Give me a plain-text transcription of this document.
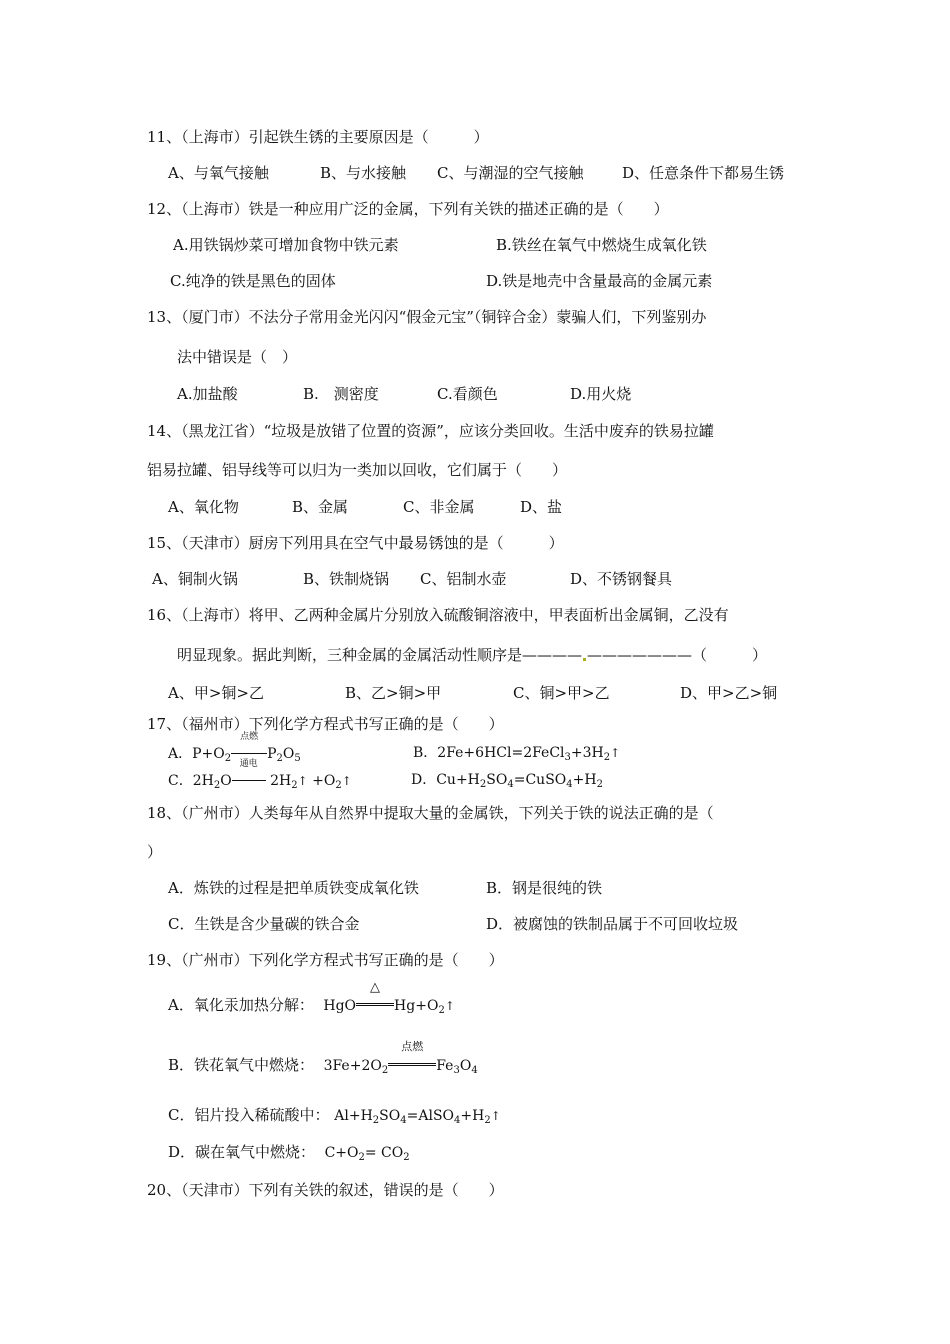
11、（上海市）引起铁生锈的主要原因是（　　　）
A、与氧气接触	B、与水接触 C、与潮湿的空气接触	D、任意条件下都易生锈
12、（上海市）铁是一种应用广泛的金属，下列有关铁的描述正确的是（　　）
A.用铁锅炒菜可增加食物中铁元素	B.铁丝在氧气中燃烧生成氧化铁
C.纯净的铁是黑色的固体	D.铁是地壳中含量最高的金属元素
13、（厦门市）不法分子常用金光闪闪“假金元宝”（铜锌合金）蒙骗人们，下列鉴别办
法中错误是（　）
A.加盐酸	B.　测密度	C.看颜色	D.用火烧
14、（黑龙江省）“垃圾是放错了位置的资源”，应该分类回收。生活中废弃的铁易拉罐
铝易拉罐、铝导线等可以归为一类加以回收，它们属于（　　）
A、氧化物	B、金属	C、非金属	D、盐
15、（天津市）厨房下列用具在空气中最易锈蚀的是（　　　）
A、铜制火锅	B、铁制烧锅 C、铝制水壶	D、不锈钢餐具
16、（上海市）将甲、乙两种金属片分别放入硫酸铜溶液中，甲表面析出金属铜，乙没有
明显现象。据此判断，三种金属的金属活动性顺序是———— ———————（　　　）
A、甲>铜>乙	B、乙>铜>甲	C、铜>甲>乙	D、甲>乙>铜
17、（福州市）下列化学方程式书写正确的是（　　）
A．$P+O_2$
点燃
$P_2O_5$	B．$2Fe+6HCl=2FeCl_3+3H_2↑$
C．$2H_2O$
通电
$2H_2↑$ $+O_2↑$	D．$Cu+H_2SO_4=CuSO_4+H_2$
18、（广州市）人类每年从自然界中提取大量的金属铁，下列关于铁的说法正确的是（
）
A．炼铁的过程是把单质铁变成氧化铁	B．钢是很纯的铁
C．生铁是含少量碳的铁合金	D．被腐蚀的铁制品属于不可回收垃圾
19、（广州市）下列化学方程式书写正确的是（　　）
A．氧化汞加热分解： HgO
△
$Hg+O_2↑$
B．铁花氧气中燃烧： $3Fe+2O_2$
点燃
$Fe_3O_4$
C．铝片投入稀硫酸中： $Al+H_2SO_4=AlSO_4+H_2↑$
D．碳在氧气中燃烧： $C+O_2= CO_2$
20、（天津市）下列有关铁的叙述，错误的是（　　）
